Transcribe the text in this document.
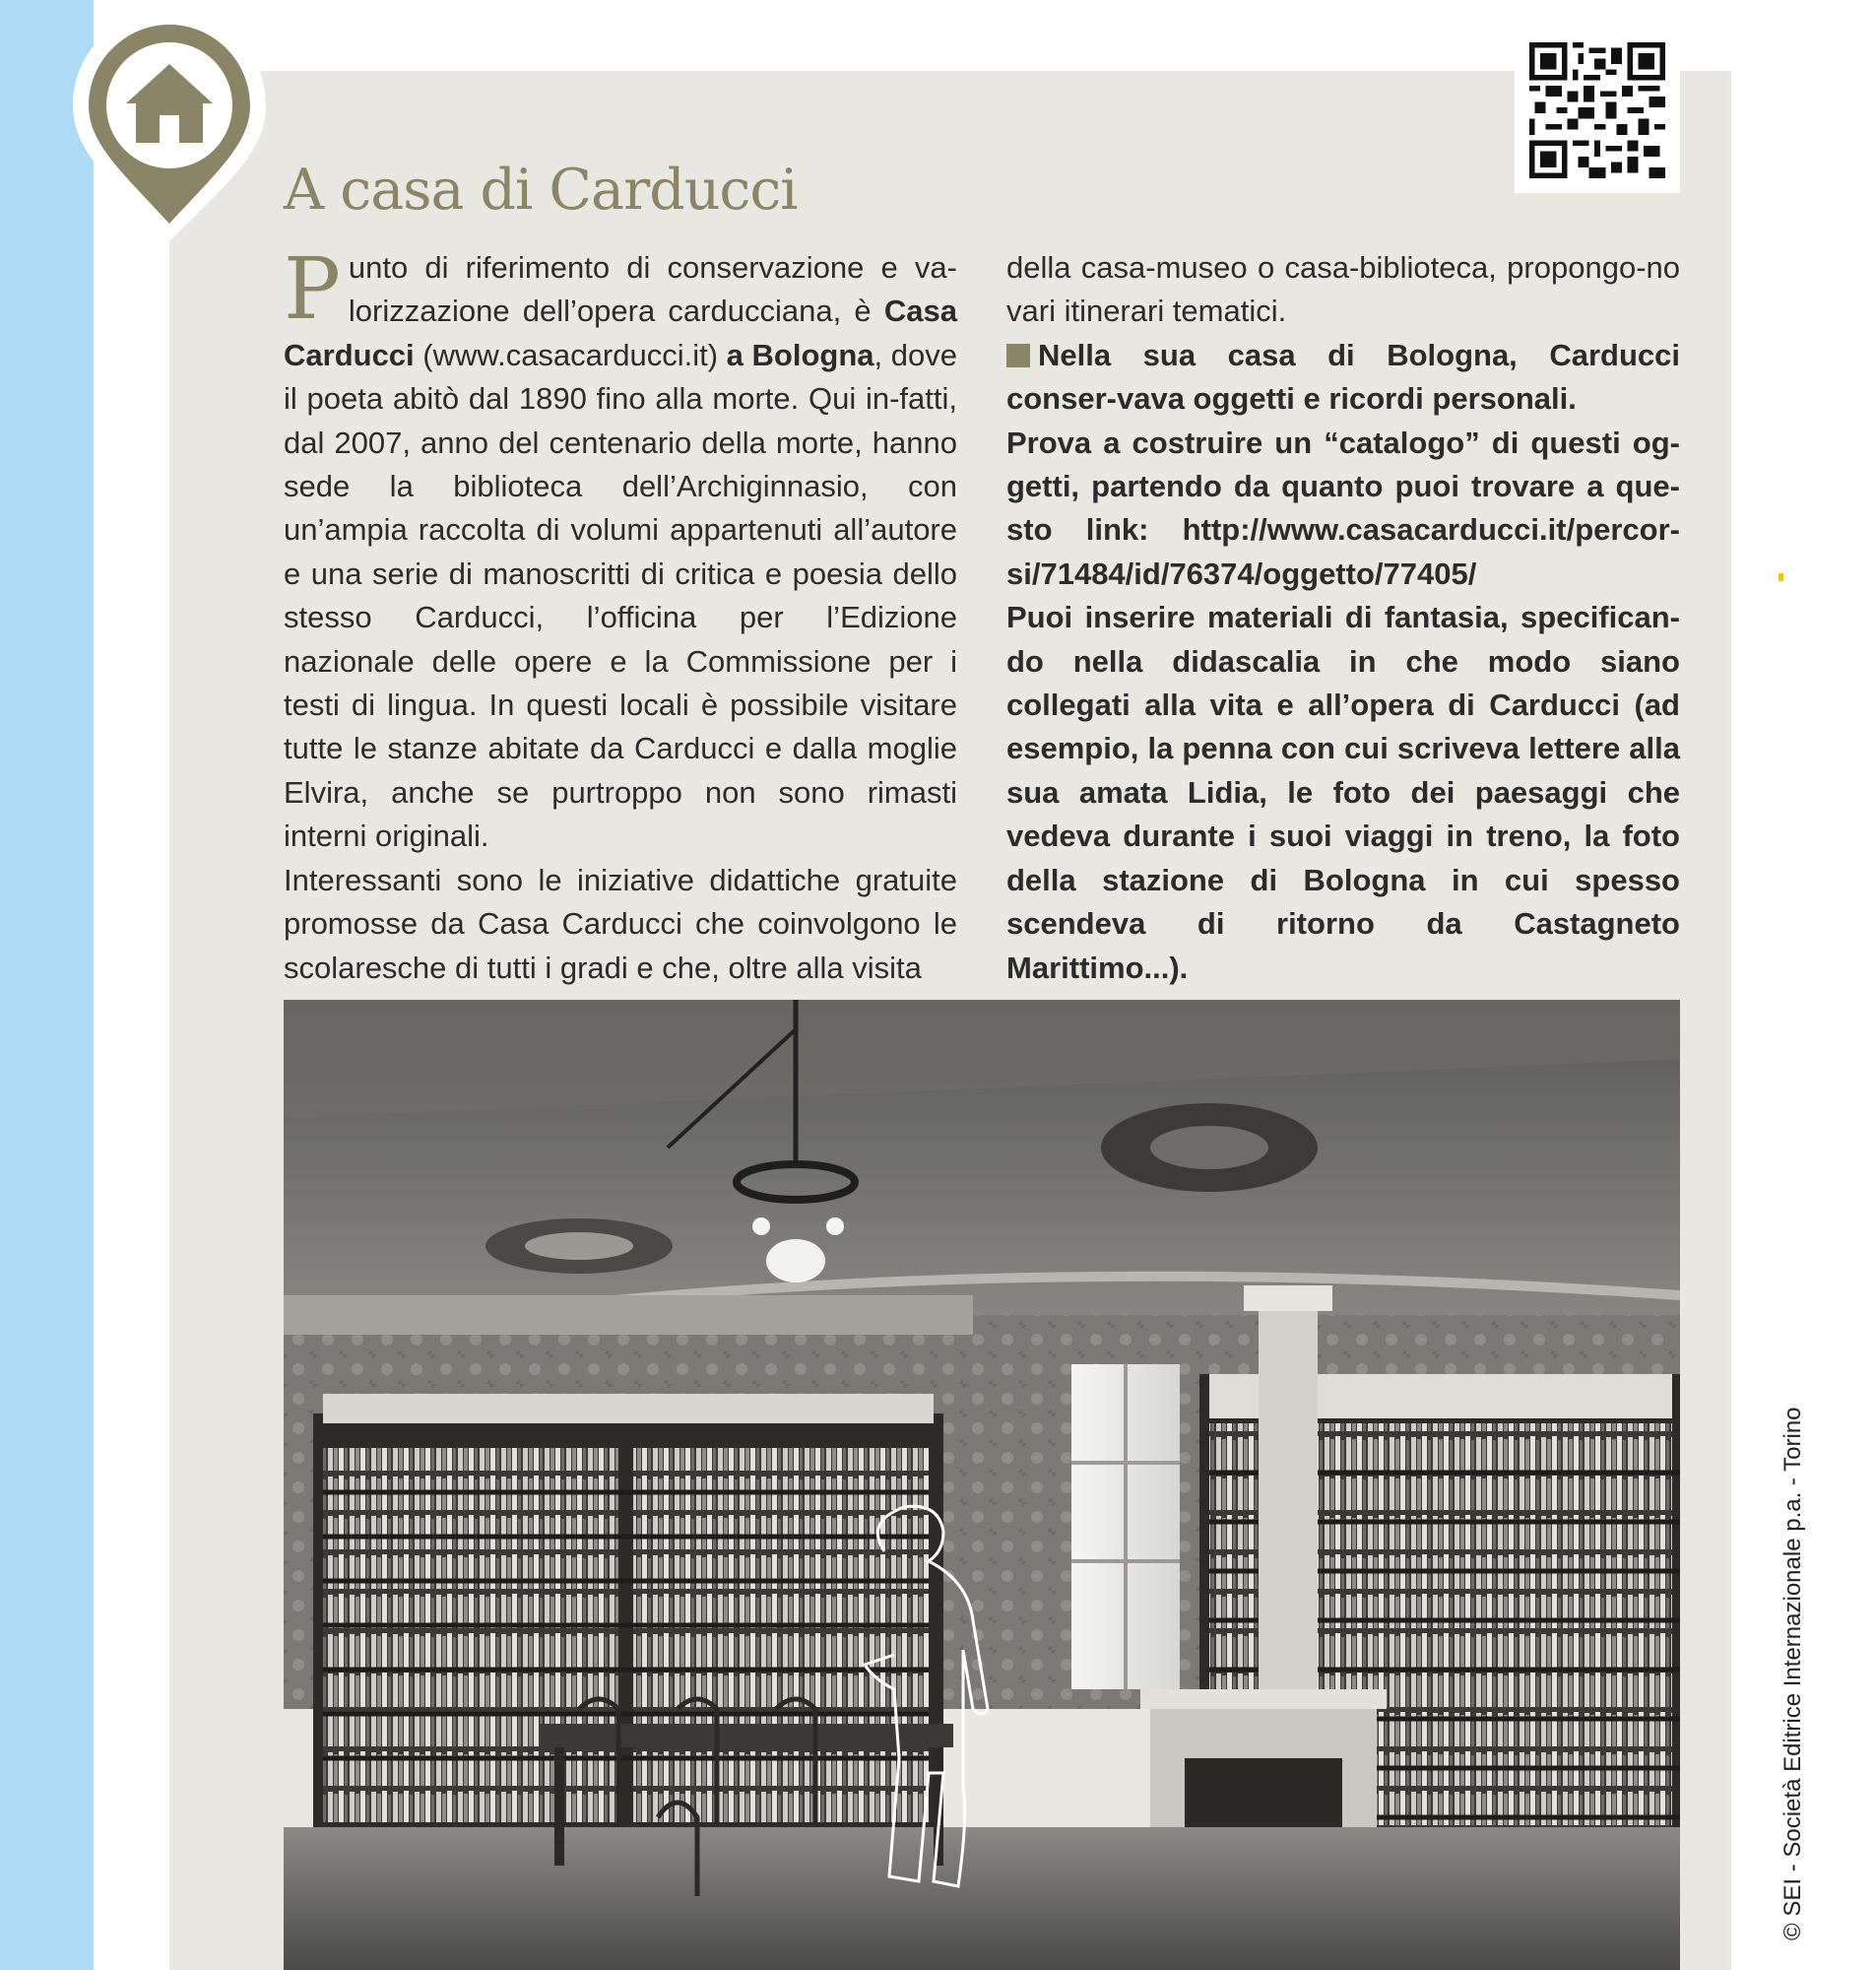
A casa di Carducci

Punto di riferimento di conservazione e va-lorizzazione dell’opera carducciana, è Casa Carducci (www.casacarducci.it) a Bologna, dove il poeta abitò dal 1890 fino alla morte. Qui in-fatti, dal 2007, anno del centenario della morte, hanno sede la biblioteca dell’Archiginnasio, con un’ampia raccolta di volumi appartenuti all’autore e una serie di manoscritti di critica e poesia dello stesso Carducci, l’officina per l’Edizione nazionale delle opere e la Commissione per i testi di lingua. In questi locali è possibile visitare tutte le stanze abitate da Carducci e dalla moglie Elvira, anche se purtroppo non sono rimasti interni originali.

Interessanti sono le iniziative didattiche gratuite promosse da Casa Carducci che coinvolgono le scolaresche di tutti i gradi e che, oltre alla visita

della casa-museo o casa-biblioteca, propongo-no vari itinerari tematici.

Nella sua casa di Bologna, Carducci conser-vava oggetti e ricordi personali.

Prova a costruire un “catalogo” di questi og-getti, partendo da quanto puoi trovare a que-sto link: http://www.casacarducci.it/percor-si/71484/id/76374/oggetto/77405/

Puoi inserire materiali di fantasia, specifican-do nella didascalia in che modo siano collegati alla vita e all’opera di Carducci (ad esempio, la penna con cui scriveva lettere alla sua amata Lidia, le foto dei paesaggi che vedeva durante i suoi viaggi in treno, la foto della stazione di Bologna in cui spesso scendeva di ritorno da Castagneto Marittimo...).

© SEI - Società Editrice Internazionale p.a. - Torino
